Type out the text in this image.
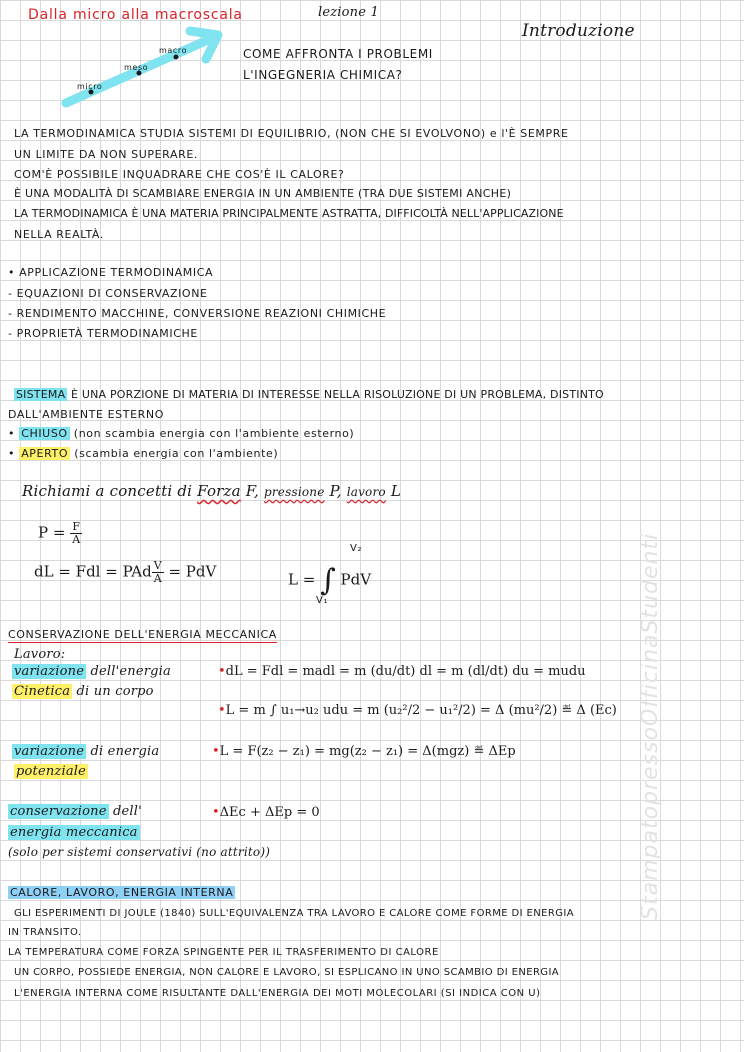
Dalla micro alla macroscala	lezione 1
Introduzione
micro
meso
macro	COME AFFRONTA I PROBLEMI
L'INGEGNERIA CHIMICA?
LA TERMODINAMICA STUDIA SISTEMI DI EQUILIBRIO, (NON CHE SI EVOLVONO) e l'È SEMPRE
UN LIMITE DA NON SUPERARE.
COM'È POSSIBILE INQUADRARE CHE COS'È IL CALORE?
È UNA MODALITÀ DI SCAMBIARE ENERGIA IN UN AMBIENTE (TRA DUE SISTEMI ANCHE)
LA TERMODINAMICA È UNA MATERIA PRINCIPALMENTE ASTRATTA, DIFFICOLTÀ NELL'APPLICAZIONE
NELLA REALTÀ.
• APPLICAZIONE TERMODINAMICA
- EQUAZIONI DI CONSERVAZIONE
- RENDIMENTO MACCHINE, CONVERSIONE REAZIONI CHIMICHE
- PROPRIETÀ TERMODINAMICHE
SISTEMA È UNA PORZIONE DI MATERIA DI INTERESSE NELLA RISOLUZIONE DI UN PROBLEMA, DISTINTO
DALL'AMBIENTE ESTERNO
• CHIUSO (non scambia energia con l'ambiente esterno)
• APERTO (scambia energia con l'ambiente)
Richiami a concetti di Forza F, pressione P, lavoro L
$P = \frac{F}{A}$
dL = Fdl = PAd $\frac{V}{A}$ = PdV	L = ∫ PdV
V₂
V₁
CONSERVAZIONE DELL'ENERGIA MECCANICA
Lavoro:
variazione dell'energia
Cinetica di un corpo
•dL = Fdl = madl = m (du/dt) dl = m (dl/dt) du = mudu
•L = m ∫ u₁→u₂ udu = m (u₂²/2 − u₁²/2) = Δ (mu²/2) ≝ Δ (Ec)
variazione di energia
potenziale
•L = F(z₂ − z₁) = mg(z₂ − z₁) = Δ(mgz) ≝ ΔEp
conservazione dell'
energia meccanica
(solo per sistemi conservativi (no attrito))
•ΔEc + ΔEp = 0
CALORE, LAVORO, ENERGIA INTERNA
GLI ESPERIMENTI DI JOULE (1840) SULL'EQUIVALENZA TRA LAVORO E CALORE COME FORME DI ENERGIA
IN TRANSITO.
LA TEMPERATURA COME FORZA SPINGENTE PER IL TRASFERIMENTO DI CALORE
UN CORPO, POSSIEDE ENERGIA, NON CALORE E LAVORO, SI ESPLICANO IN UNO SCAMBIO DI ENERGIA
L'ENERGIA INTERNA COME RISULTANTE DALL'ENERGIA DEI MOTI MOLECOLARI (SI INDICA CON U)
StampatopressoOfficinaStudenti
